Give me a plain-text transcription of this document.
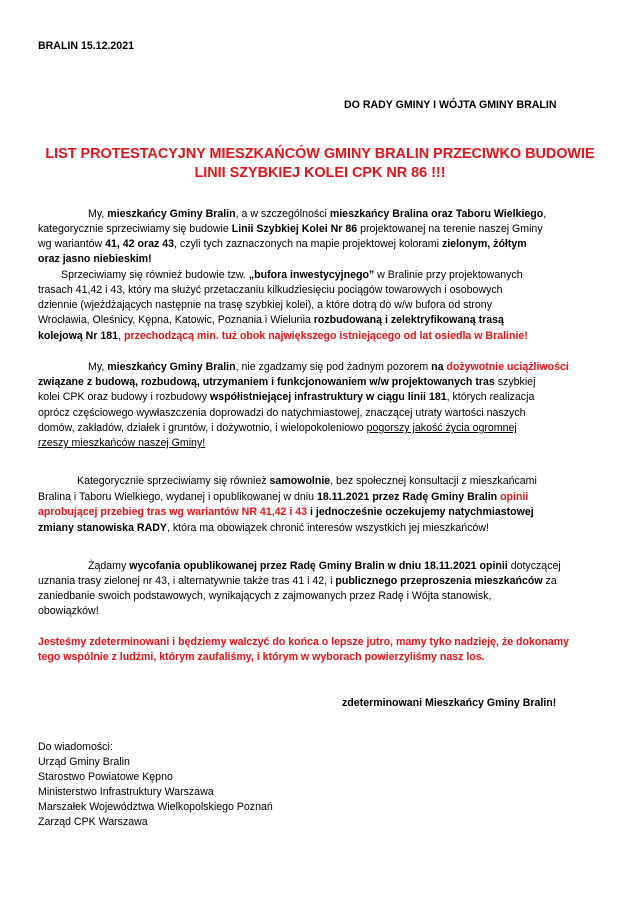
BRALIN 15.12.2021
DO RADY GMINY I WÓJTA GMINY BRALIN
LIST PROTESTACYJNY MIESZKAŃCÓW GMINY BRALIN PRZECIWKO BUDOWIE
LINII SZYBKIEJ KOLEI CPK NR 86 !!!
My, mieszkańcy Gminy Bralin, a w szczególności mieszkańcy Bralina oraz Taboru Wielkiego,
kategorycznie sprzeciwiamy się budowie Linii Szybkiej Kolei Nr 86 projektowanej na terenie naszej Gminy
wg wariantów 41, 42 oraz 43, czyli tych zaznaczonych na mapie projektowej kolorami zielonym, żółtym
oraz jasno niebieskim!
Sprzeciwiamy się również budowie tzw. „bufora inwestycyjnego” w Bralinie przy projektowanych
trasach 41,42 i 43, który ma służyć przetaczaniu kilkudziesięciu pociągów towarowych i osobowych
dziennie (wjeżdżających następnie na trasę szybkiej kolei), a które dotrą do w/w bufora od strony
Wrocławia, Oleśnicy, Kępna, Katowic, Poznania i Wielunia rozbudowaną i zelektryfikowaną trasą
kolejową Nr 181, przechodzącą min. tuż obok największego istniejącego od lat osiedla w Bralinie!
My, mieszkańcy Gminy Bralin, nie zgadzamy się pod żadnym pozorem na dożywotnie uciążliwości
związane z budową, rozbudową, utrzymaniem i funkcjonowaniem w/w projektowanych tras szybkiej
kolei CPK oraz budowy i rozbudowy współistniejącej infrastruktury w ciągu linii 181, których realizacja
oprócz częściowego wywłaszczenia doprowadzi do natychmiastowej, znaczącej utraty wartości naszych
domów, zakładów, działek i gruntów, i dożywotnio, i wielopokoleniowo pogorszy jakość życia ogromnej
rzeszy mieszkańców naszej Gminy!
Kategorycznie sprzeciwiamy się również samowolnie, bez społecznej konsultacji z mieszkańcami
Bralina i Taboru Wielkiego, wydanej i opublikowanej w dniu 18.11.2021 przez Radę Gminy Bralin opinii
aprobującej przebieg tras wg wariantów NR 41,42 i 43 i jednocześnie oczekujemy natychmiastowej
zmiany stanowiska RADY, która ma obowiązek chronić interesów wszystkich jej mieszkańców!
Żądamy wycofania opublikowanej przez Radę Gminy Bralin w dniu 18.11.2021 opinii dotyczącej
uznania trasy zielonej nr 43, i alternatywnie także tras 41 i 42, i publicznego przeproszenia mieszkańców za
zaniedbanie swoich podstawowych, wynikających z zajmowanych przez Radę i Wójta stanowisk,
obowiązków!
Jesteśmy zdeterminowani i będziemy walczyć do końca o lepsze jutro, mamy tyko nadzieję, że dokonamy
tego wspólnie z ludźmi, którym zaufaliśmy, i którym w wyborach powierzyliśmy nasz los.
zdeterminowani Mieszkańcy Gminy Bralin!
Do wiadomości:
Urząd Gminy Bralin
Starostwo Powiatowe Kępno
Ministerstwo Infrastruktury Warszawa
Marszałek Województwa Wielkopolskiego Poznań
Zarząd CPK Warszawa
